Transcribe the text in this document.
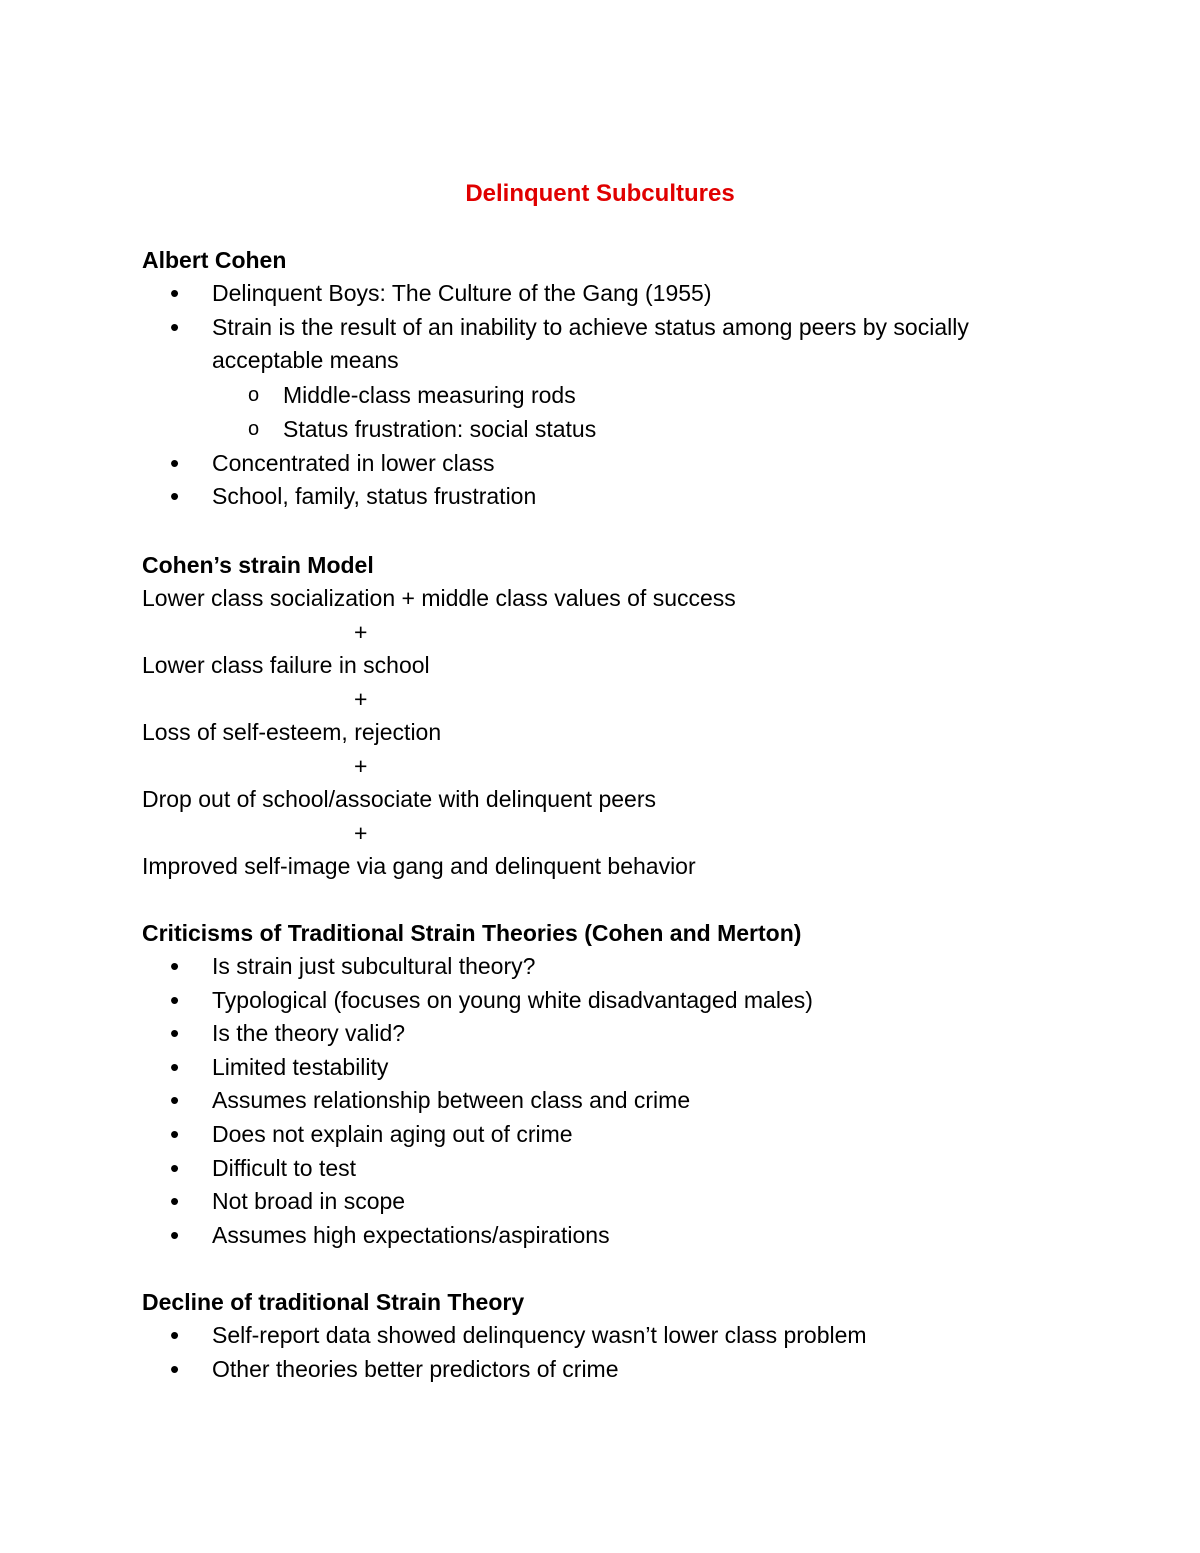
Delinquent Subcultures
Albert Cohen
• Delinquent Boys: The Culture of the Gang (1955)
• Strain is the result of an inability to achieve status among peers by socially acceptable means
o Middle-class measuring rods
o Status frustration: social status
• Concentrated in lower class
• School, family, status frustration
Cohen’s strain Model
Lower class socialization + middle class values of success
+
Lower class failure in school
+
Loss of self-esteem, rejection
+
Drop out of school/associate with delinquent peers
+
Improved self-image via gang and delinquent behavior
Criticisms of Traditional Strain Theories (Cohen and Merton)
• Is strain just subcultural theory?
• Typological (focuses on young white disadvantaged males)
• Is the theory valid?
• Limited testability
• Assumes relationship between class and crime
• Does not explain aging out of crime
• Difficult to test
• Not broad in scope
• Assumes high expectations/aspirations
Decline of traditional Strain Theory
• Self-report data showed delinquency wasn’t lower class problem
• Other theories better predictors of crime
